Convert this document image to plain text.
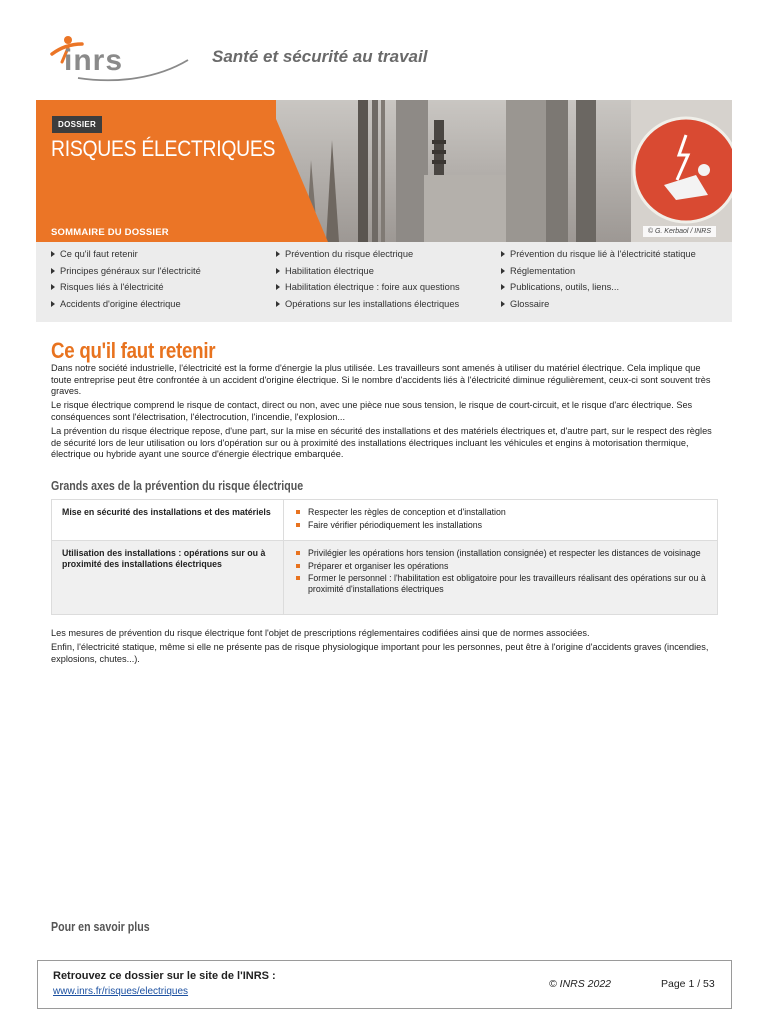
inrs	Santé et sécurité au travail
DOSSIER
RISQUES ÉLECTRIQUES
SOMMAIRE DU DOSSIER	© G. Kerbaol / INRS
Ce qu'il faut retenir
Principes généraux sur l'électricité
Risques liés à l'électricité
Accidents d'origine électrique
Prévention du risque électrique
Habilitation électrique
Habilitation électrique : foire aux questions
Opérations sur les installations électriques
Prévention du risque lié à l'électricité statique
Réglementation
Publications, outils, liens...
Glossaire
Ce qu'il faut retenir
Dans notre société industrielle, l'électricité est la forme d'énergie la plus utilisée. Les travailleurs sont amenés à utiliser du matériel électrique. Cela implique que toute entreprise peut être confrontée à un accident d'origine électrique. Si le nombre d'accidents liés à l'électricité diminue régulièrement, ceux-ci sont souvent très graves.
Le risque électrique comprend le risque de contact, direct ou non, avec une pièce nue sous tension, le risque de court-circuit, et le risque d'arc électrique. Ses conséquences sont l'électrisation, l'électrocution, l'incendie, l'explosion...
La prévention du risque électrique repose, d'une part, sur la mise en sécurité des installations et des matériels électriques et, d'autre part, sur le respect des règles de sécurité lors de leur utilisation ou lors d'opération sur ou à proximité des installations électriques incluant les véhicules et engins à motorisation thermique, électrique ou hybride ayant une source d'énergie électrique embarquée.
Grands axes de la prévention du risque électrique
Mise en sécurité des installations et des matériels	Respecter les règles de conception et d'installation
Faire vérifier périodiquement les installations
Utilisation des installations : opérations sur ou à proximité des installations électriques
Privilégier les opérations hors tension (installation consignée) et respecter les distances de voisinage
Préparer et organiser les opérations
Former le personnel : l'habilitation est obligatoire pour les travailleurs réalisant des opérations sur ou à proximité d'installations électriques
Les mesures de prévention du risque électrique font l'objet de prescriptions réglementaires codifiées ainsi que de normes associées.
Enfin, l'électricité statique, même si elle ne présente pas de risque physiologique important pour les personnes, peut être à l'origine d'accidents graves (incendies, explosions, chutes...).
Pour en savoir plus
Retrouvez ce dossier sur le site de l'INRS :
www.inrs.fr/risques/electriques
© INRS 2022	Page 1 / 53
